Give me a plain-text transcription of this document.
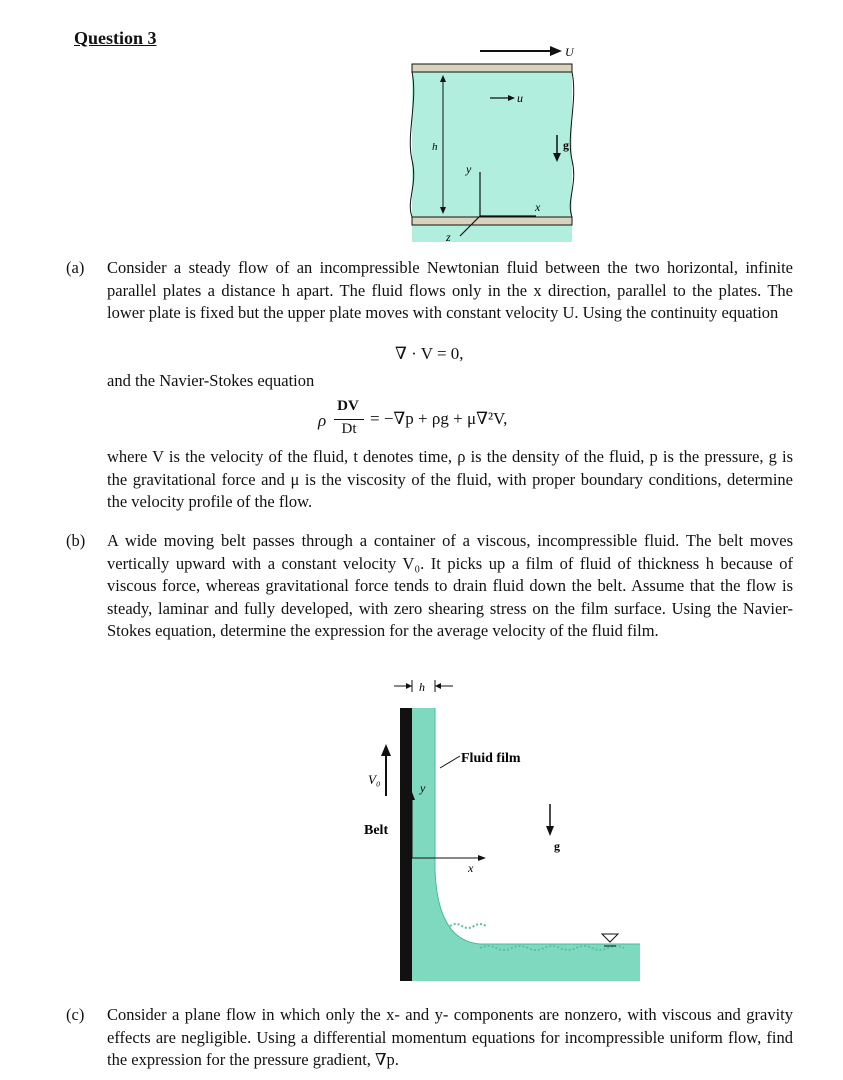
Question 3
U
u
h
y
x
z
g
(a) Consider a steady flow of an incompressible Newtonian fluid between the two horizontal, infinite parallel plates a distance h apart. The fluid flows only in the x direction, parallel to the plates. The lower plate is fixed but the upper plate moves with constant velocity U. Using the continuity equation
∇ · V = 0,
and the Navier-Stokes equation
ρ
DV
Dt
= −∇p + ρg + μ∇²V,
where V is the velocity of the fluid, t denotes time, ρ is the density of the fluid, p is the pressure, g is the gravitational force and μ is the viscosity of the fluid, with proper boundary conditions, determine the velocity profile of the flow.
(b) A wide moving belt passes through a container of a viscous, incompressible fluid. The belt moves vertically upward with a constant velocity V₀. It picks up a film of fluid of thickness h because of viscous force, whereas gravitational force tends to drain fluid down the belt. Assume that the flow is steady, laminar and fully developed, with zero shearing stress on the film surface. Using the Navier-Stokes equation, determine the expression for the average velocity of the fluid film.
h
Fluid film
V₀
y
Belt
x
g
(c) Consider a plane flow in which only the x- and y- components are nonzero, with viscous and gravity effects are negligible. Using a differential momentum equations for incompressible uniform flow, find the expression for the pressure gradient, ∇p.
